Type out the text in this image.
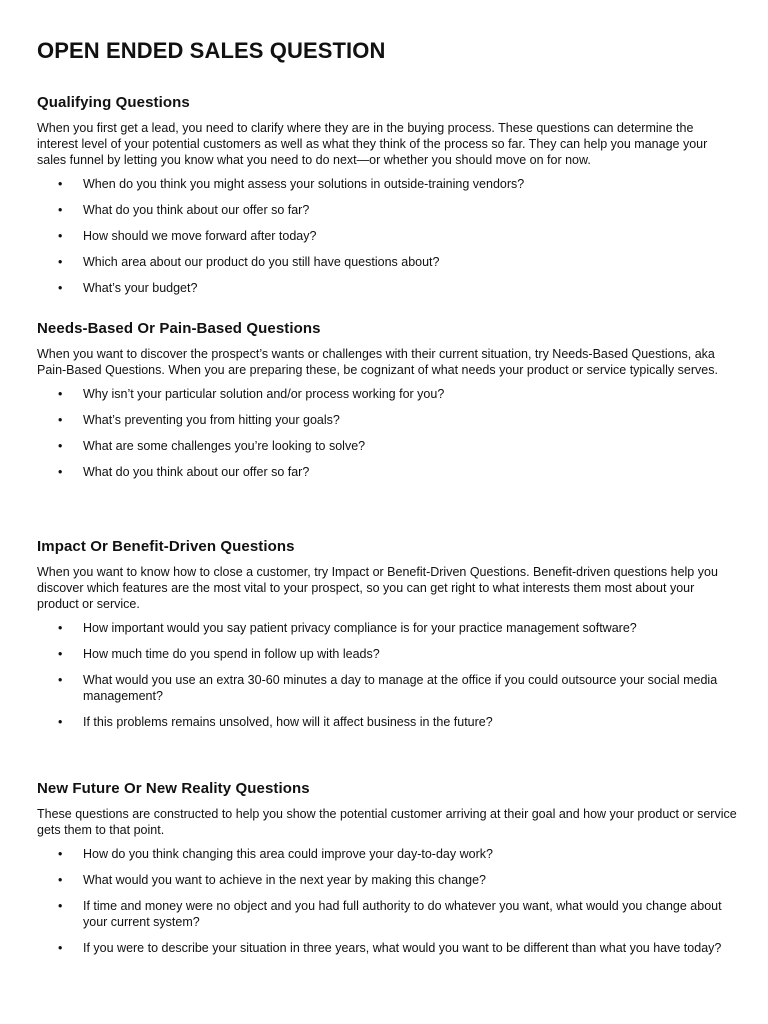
OPEN ENDED SALES QUESTION
Qualifying Questions

When you first get a lead, you need to clarify where they are in the buying process. These questions can determine the interest level of your potential customers as well as what they think of the process so far. They can help you manage your sales funnel by letting you know what you need to do next—or whether you should move on for now.

• When do you think you might assess your solutions in outside-training vendors?
• What do you think about our offer so far?
• How should we move forward after today?
• Which area about our product do you still have questions about?
• What’s your budget?
Needs-Based Or Pain-Based Questions

When you want to discover the prospect’s wants or challenges with their current situation, try Needs-Based Questions, aka Pain-Based Questions. When you are preparing these, be cognizant of what needs your product or service typically serves.

• Why isn’t your particular solution and/or process working for you?
• What’s preventing you from hitting your goals?
• What are some challenges you’re looking to solve?
• What do you think about our offer so far?
Impact Or Benefit-Driven Questions

When you want to know how to close a customer, try Impact or Benefit-Driven Questions. Benefit-driven questions help you discover which features are the most vital to your prospect, so you can get right to what interests them most about your product or service.

• How important would you say patient privacy compliance is for your practice management software?
• How much time do you spend in follow up with leads?
• What would you use an extra 30-60 minutes a day to manage at the office if you could outsource your social media management?
• If this problems remains unsolved, how will it affect business in the future?
New Future Or New Reality Questions

These questions are constructed to help you show the potential customer arriving at their goal and how your product or service gets them to that point.

• How do you think changing this area could improve your day-to-day work?
• What would you want to achieve in the next year by making this change?
• If time and money were no object and you had full authority to do whatever you want, what would you change about your current system?
• If you were to describe your situation in three years, what would you want to be different than what you have today?
